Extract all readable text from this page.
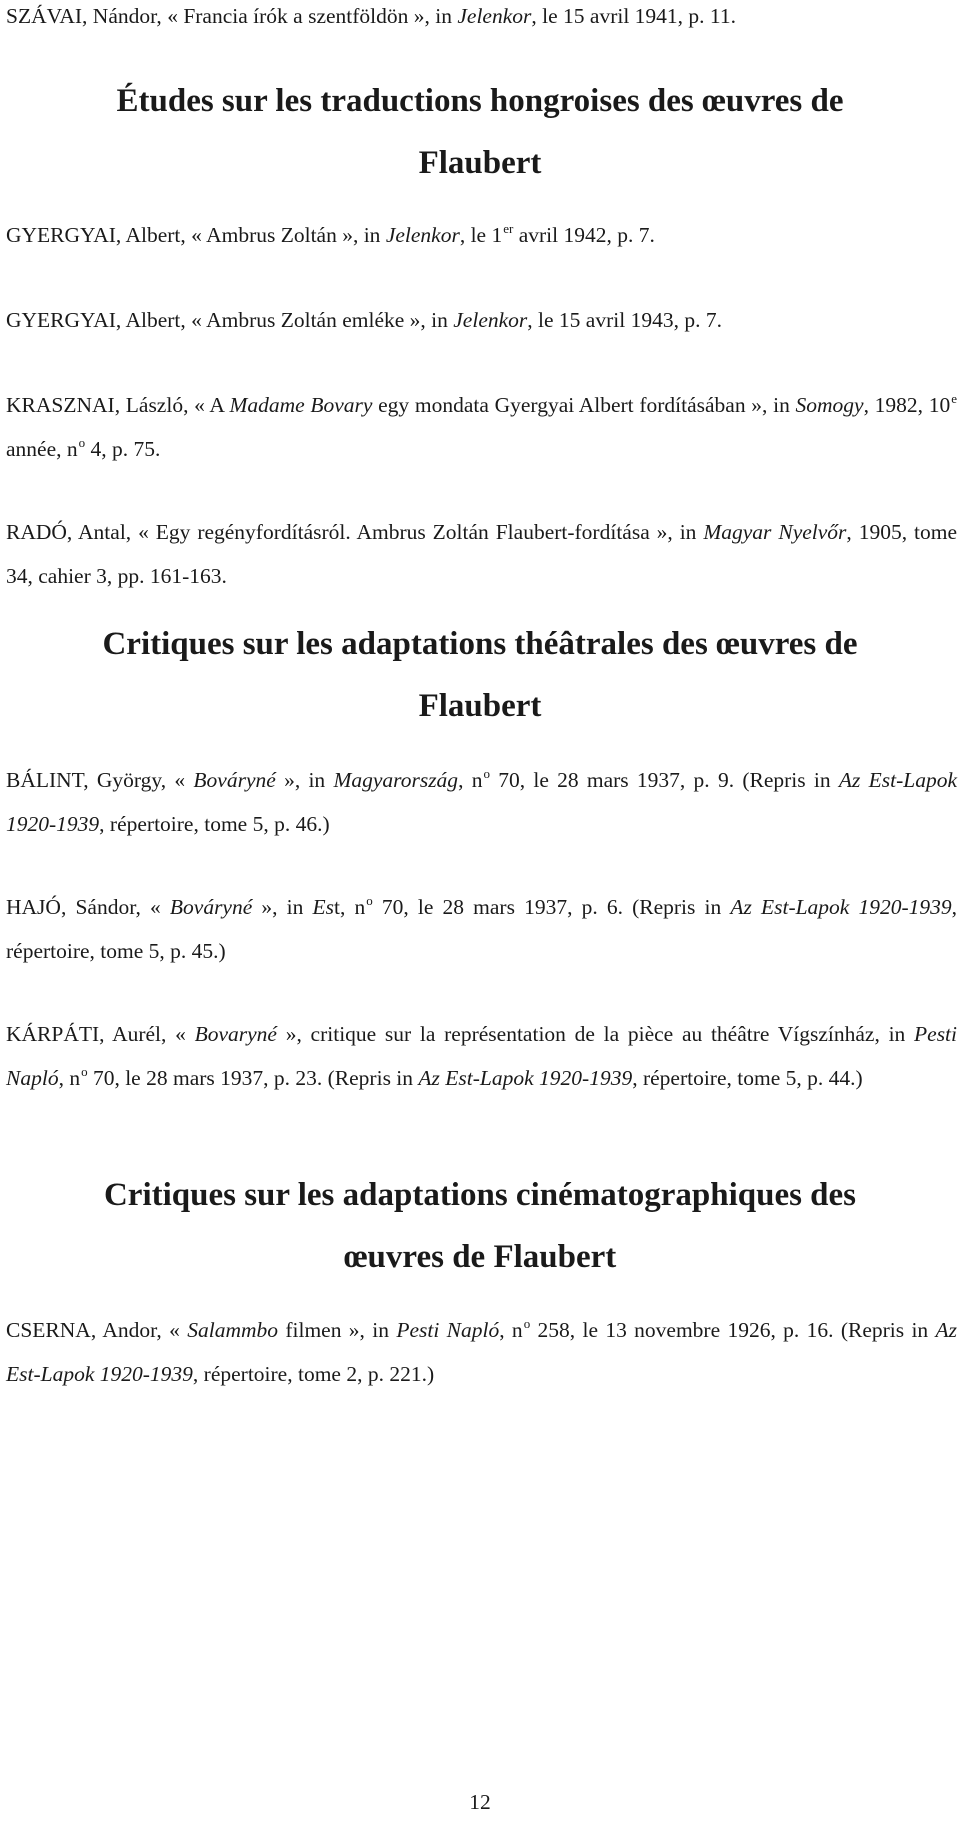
SZÁVAI, Nándor, « Francia írók a szentföldön », in Jelenkor, le 15 avril 1941, p. 11.

Études sur les traductions hongroises des œuvres de
Flaubert

GYERGYAI, Albert, « Ambrus Zoltán », in Jelenkor, le 1er avril 1942, p. 7.

GYERGYAI, Albert, « Ambrus Zoltán emléke », in Jelenkor, le 15 avril 1943, p. 7.

KRASZNAI, László, « A Madame Bovary egy mondata Gyergyai Albert fordításában », in Somogy, 1982, 10e année, $n^o$ 4, p. 75.

RADÓ, Antal, « Egy regényfordításról. Ambrus Zoltán Flaubert-fordítása », in Magyar Nyelvőr, 1905, tome 34, cahier 3, pp. 161-163.

Critiques sur les adaptations théâtrales des œuvres de
Flaubert

BÁLINT, György, « Bováryné », in Magyarország, $n^o$ 70, le 28 mars 1937, p. 9. (Repris in Az Est-Lapok 1920-1939, répertoire, tome 5, p. 46.)

HAJÓ, Sándor, « Bováryné », in Est, $n^o$ 70, le 28 mars 1937, p. 6. (Repris in Az Est-Lapok 1920-1939, répertoire, tome 5, p. 45.)

KÁRPÁTI, Aurél, « Bovaryné », critique sur la représentation de la pièce au théâtre Vígszínház, in Pesti Napló, $n^o$ 70, le 28 mars 1937, p. 23. (Repris in Az Est-Lapok 1920-1939, répertoire, tome 5, p. 44.)

Critiques sur les adaptations cinématographiques des
œuvres de Flaubert

CSERNA, Andor, « Salammbo filmen », in Pesti Napló, $n^o$ 258, le 13 novembre 1926, p. 16. (Repris in Az Est-Lapok 1920-1939, répertoire, tome 2, p. 221.)

12
